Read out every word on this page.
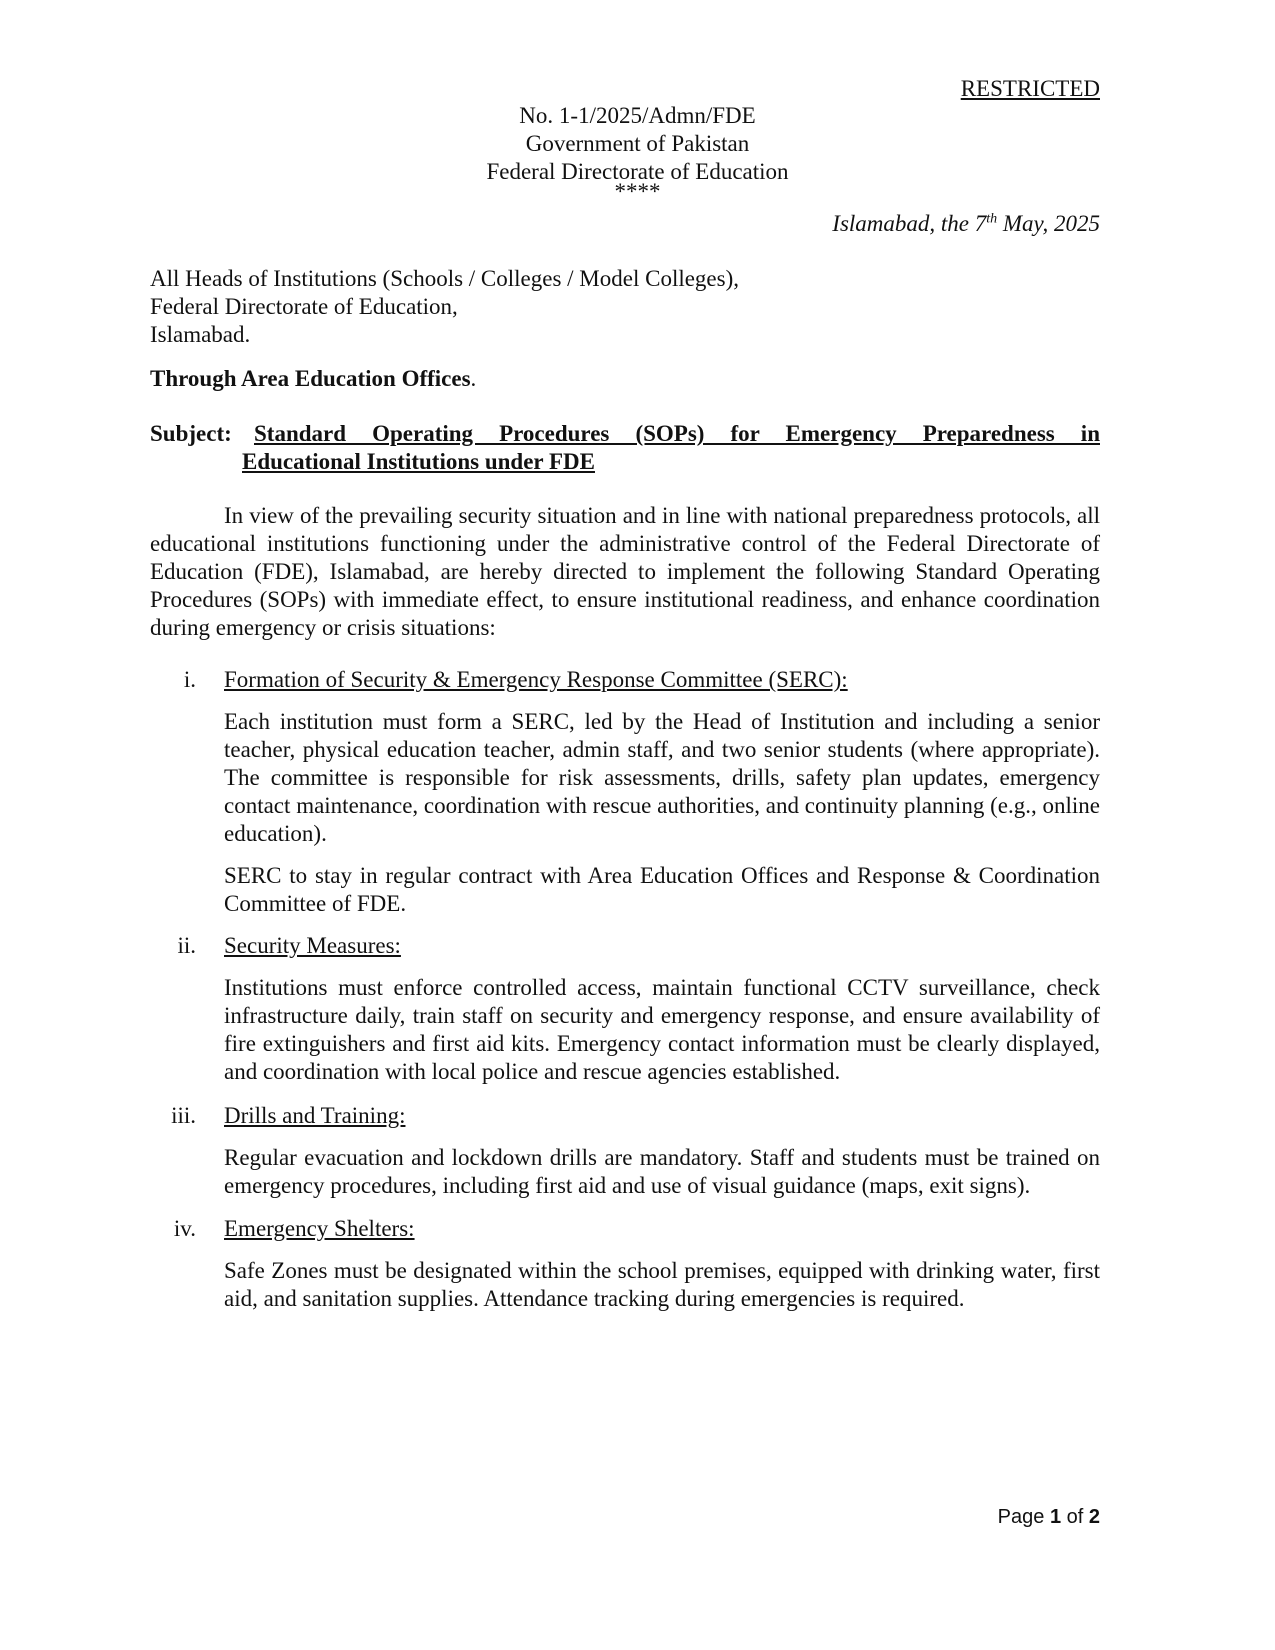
RESTRICTED
No. 1-1/2025/Admn/FDE
Government of Pakistan
Federal Directorate of Education
****
Islamabad, the 7th May, 2025
All Heads of Institutions (Schools / Colleges / Model Colleges),
Federal Directorate of Education,
Islamabad.
Through Area Education Offices.
Subject: Standard Operating Procedures (SOPs) for Emergency Preparedness in
Educational Institutions under FDE
In view of the prevailing security situation and in line with national preparedness protocols, all educational institutions functioning under the administrative control of the Federal Directorate of Education (FDE), Islamabad, are hereby directed to implement the following Standard Operating Procedures (SOPs) with immediate effect, to ensure institutional readiness, and enhance coordination during emergency or crisis situations:
i. Formation of Security & Emergency Response Committee (SERC):
Each institution must form a SERC, led by the Head of Institution and including a senior teacher, physical education teacher, admin staff, and two senior students (where appropriate). The committee is responsible for risk assessments, drills, safety plan updates, emergency contact maintenance, coordination with rescue authorities, and continuity planning (e.g., online education).
SERC to stay in regular contract with Area Education Offices and Response & Coordination Committee of FDE.
ii. Security Measures:
Institutions must enforce controlled access, maintain functional CCTV surveillance, check infrastructure daily, train staff on security and emergency response, and ensure availability of fire extinguishers and first aid kits. Emergency contact information must be clearly displayed, and coordination with local police and rescue agencies established.
iii. Drills and Training:
Regular evacuation and lockdown drills are mandatory. Staff and students must be trained on emergency procedures, including first aid and use of visual guidance (maps, exit signs).
iv. Emergency Shelters:
Safe Zones must be designated within the school premises, equipped with drinking water, first aid, and sanitation supplies. Attendance tracking during emergencies is required.
Page 1 of 2
